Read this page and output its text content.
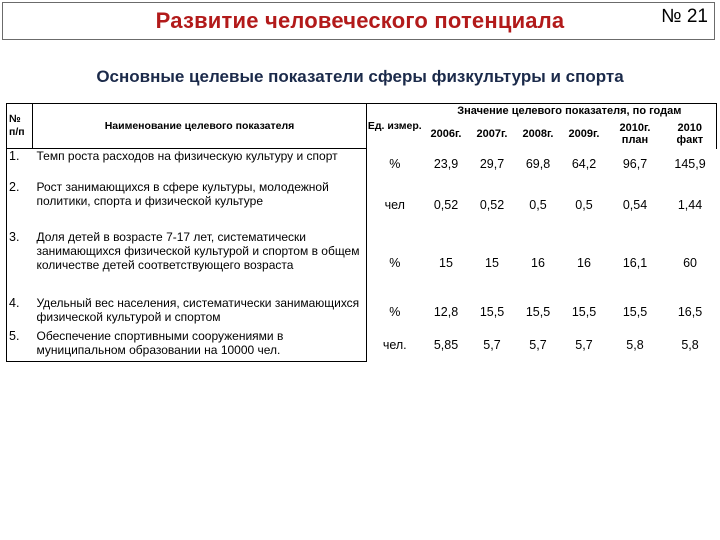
Развитие человеческого потенциала	№ 21
Основные целевые показатели сферы физкультуры и спорта
№ п/п	Наименование целевого показателя	Ед. измер.	Значение целевого показателя, по годам					
			2006г.	2007г.	2008г.	2009г.	2010г. план	2010 факт
1.	Темп роста расходов на физическую культуру и спорт	%	23,9	29,7	69,8	64,2	96,7	145,9
2.	Рост занимающихся в сфере культуры, молодежной политики, спорта и физической культуре	чел	0,52	0,52	0,5	0,5	0,54	1,44
3.	Доля детей в возрасте 7-17 лет, систематически занимающихся физической культурой и спортом в общем количестве детей соответствующего возраста	%	15	15	16	16	16,1	60
4.	Удельный вес населения, систематически занимающихся физической культурой и спортом	%	12,8	15,5	15,5	15,5	15,5	16,5
5.	Обеспечение спортивными сооружениями в муниципальном образовании на 10000 чел.	чел.	5,85	5,7	5,7	5,7	5,8	5,8
